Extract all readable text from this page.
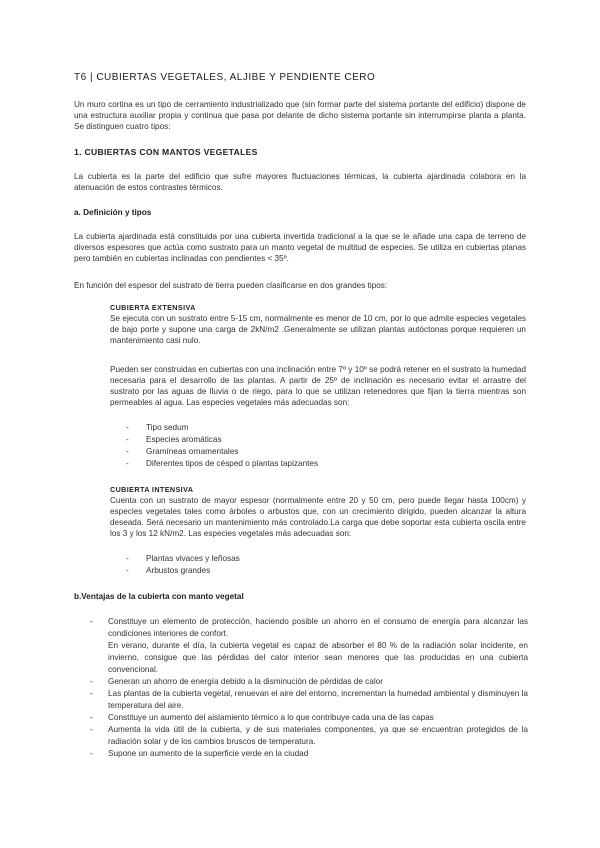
T6 | CUBIERTAS VEGETALES, ALJIBE Y PENDIENTE CERO

Un muro cortina es un tipo de cerramiento industrializado que (sin formar parte del sistema portante del edificio) dispone de una estructura auxiliar propia y continua que pasa por delante de dicho sistema portante sin interrumpirse planta a planta. Se distinguen cuatro tipos:

1. CUBIERTAS CON MANTOS VEGETALES

La cubierta es la parte del edificio que sufre mayores fluctuaciones térmicas, la cubierta ajardinada colabora en la atenuación de estos contrastes térmicos.

a. Definición y tipos

La cubierta ajardinada está constituida por una cubierta invertida tradicional a la que se le añade una capa de terreno de diversos espesores que actúa como sustrato para un manto vegetal de multitud de especies. Se utiliza en cubiertas planas pero también en cubiertas inclinadas con pendientes < 35º.

En función del espesor del sustrato de tierra pueden clasificarse en dos grandes tipos:

CUBIERTA EXTENSIVA

Se ejecuta con un sustrato entre 5-15 cm, normalmente es menor de 10 cm, por lo que admite especies vegetales de bajo porte y supone una carga de 2kN/m2 .Generalmente se utilizan plantas autóctonas porque requieren un mantenimiento casi nulo.

Pueden ser construidas en cubiertas con una inclinación entre 7º y 10º se podrá retener en el sustrato la humedad necesaria para el desarrollo de las plantas. A partir de 25º de inclinación es necesario evitar el arrastre del sustrato por las aguas de lluvia o de riego, para lo que se utilizan retenedores que fijan la tierra mientras son permeables al agua. Las especies vegetales más adecuadas son:

- Tipo sedum
- Especies aromáticas
- Gramíneas ornamentales
- Diferentes tipos de césped o plantas tapizantes

CUBIERTA INTENSIVA

Cuenta con un sustrato de mayor espesor (normalmente entre 20 y 50 cm, pero puede llegar hasta 100cm) y especies vegetales tales como árboles o arbustos que, con un crecimiento dirigido, pueden alcanzar la altura deseada. Será necesario un mantenimiento más controlado.La carga que debe soportar esta cubierta oscila entre los 3 y los 12 kN/m2. Las especies vegetales más adecuadas son:

- Plantas vivaces y leñosas
- Arbustos grandes

b.Ventajas de la cubierta con manto vegetal

- Constituye un elemento de protección, haciendo posible un ahorro en el consumo de energía para alcanzar las condiciones interiores de confort.
En verano, durante el día, la cubierta vegetal es capaz de absorber el 80 % de la radiación solar incidente, en invierno, consigue que las pérdidas del calor interior sean menores que las producidas en una cubierta convencional.
- Generan un ahorro de energía debido a la disminución de pérdidas de calor
- Las plantas de la cubierta vegetal, renuevan el aire del entorno, incrementan la humedad ambiental y disminuyen la temperatura del aire.
- Constituye un aumento del aislamiento térmico a lo que contribuye cada una de las capas
- Aumenta la vida útil de la cubierta, y de sus materiales componentes, ya que se encuentran protegidos de la radiación solar y de los cambios bruscos de temperatura.
- Supone un aumento de la superficie verde en la ciudad
